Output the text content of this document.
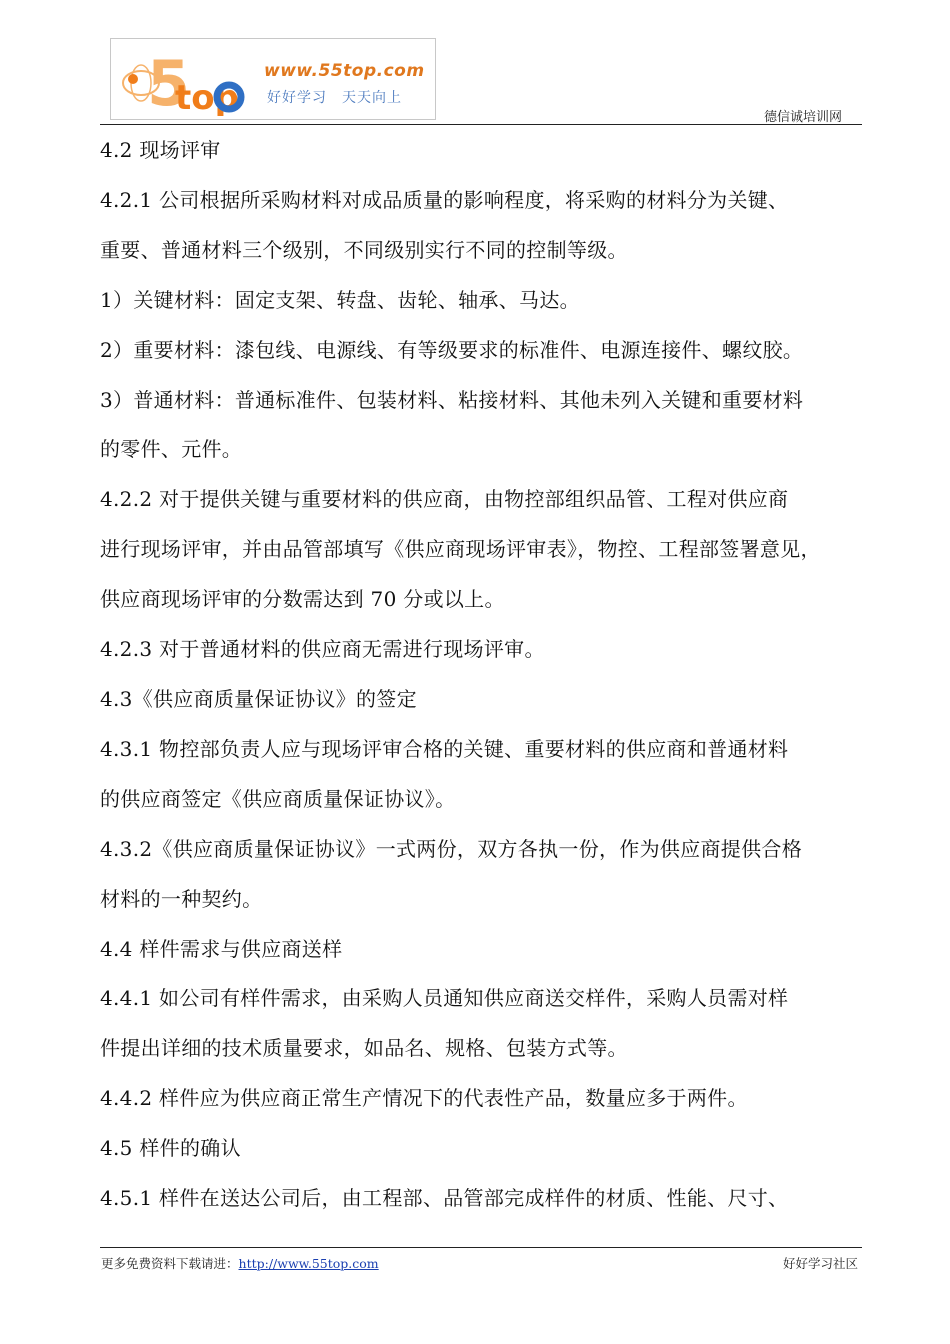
5
top
www.55top.com
好好学习　天天向上
德信诚培训网

4.2 现场评审

4.2.1 公司根据所采购材料对成品质量的影响程度，将采购的材料分为关键、

重要、普通材料三个级别，不同级别实行不同的控制等级。

1）关键材料：固定支架、转盘、齿轮、轴承、马达。

2）重要材料：漆包线、电源线、有等级要求的标准件、电源连接件、螺纹胶。

3）普通材料：普通标准件、包装材料、粘接材料、其他未列入关键和重要材料

的零件、元件。

4.2.2 对于提供关键与重要材料的供应商，由物控部组织品管、工程对供应商

进行现场评审，并由品管部填写《供应商现场评审表》，物控、工程部签署意见，

供应商现场评审的分数需达到 70 分或以上。

4.2.3 对于普通材料的供应商无需进行现场评审。

4.3《供应商质量保证协议》的签定

4.3.1 物控部负责人应与现场评审合格的关键、重要材料的供应商和普通材料

的供应商签定《供应商质量保证协议》。

4.3.2《供应商质量保证协议》一式两份，双方各执一份，作为供应商提供合格

材料的一种契约。

4.4 样件需求与供应商送样

4.4.1 如公司有样件需求，由采购人员通知供应商送交样件，采购人员需对样

件提出详细的技术质量要求，如品名、规格、包装方式等。

4.4.2 样件应为供应商正常生产情况下的代表性产品，数量应多于两件。

4.5 样件的确认

4.5.1 样件在送达公司后，由工程部、品管部完成样件的材质、性能、尺寸、

更多免费资料下载请进：http://www.55top.com	好好学习社区
